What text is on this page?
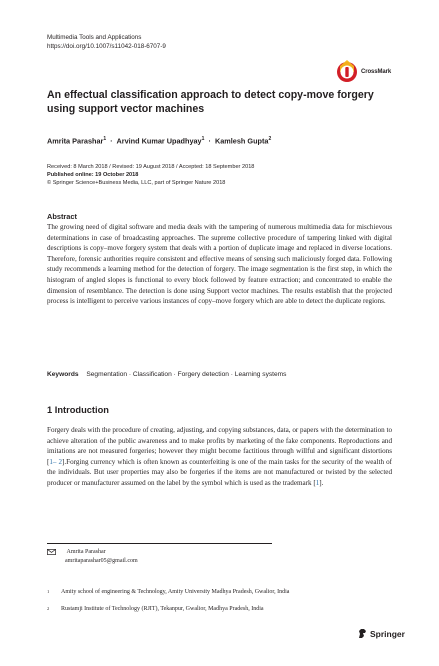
Multimedia Tools and Applications
https://doi.org/10.1007/s11042-018-6707-9
CrossMark
An effectual classification approach to detect copy-move forgery using support vector machines
Amrita Parashar$^1$  ·  Arvind Kumar Upadhyay$^1$  ·  Kamlesh Gupta$^2$
Received: 8 March 2018 / Revised: 19 August 2018 / Accepted: 18 September 2018
Published online: 19 October 2018
© Springer Science+Business Media, LLC, part of Springer Nature 2018
Abstract
The growing need of digital software and media deals with the tampering of numerous multimedia data for mischievous determinations in case of broadcasting approaches. The supreme collective procedure of tampering linked with digital descriptions is copy–move forgery system that deals with a portion of duplicate image and replaced in diverse locations. Therefore, forensic authorities require consistent and effective means of sensing such maliciously forged data. Following study recommends a learning method for the detection of forgery. The image segmentation is the first step, in which the histogram of angled slopes is functional to every block followed by feature extraction; and concentrated to enable the dimension of resemblance. The detection is done using Support vector machines. The results establish that the projected process is intelligent to perceive various instances of copy–move forgery which are able to detect the duplicate regions.
Keywords Segmentation · Classification · Forgery detection · Learning systems
1 Introduction
Forgery deals with the procedure of creating, adjusting, and copying substances, data, or papers with the determination to achieve alteration of the public awareness and to make profits by marketing of the fake components. Reproductions and imitations are not measured forgeries; however they might become factitious through willful and significant distortions [1– 2].Forging currency which is often known as counterfeiting is one of the main tasks for the security of the wealth of the individuals. But user properties may also be forgeries if the items are not manufactured or twisted by the selected producer or manufacturer assumed on the label by the symbol which is used as the trademark [1].
Amrita Parashar
amritaparashar05@gmail.com
$^1$ Amity school of engineering & Technology, Amity University Madhya Pradesh, Gwalior, India
$^2$ Rustamji Institute of Technology (RJIT), Tekanpur, Gwalior, Madhya Pradesh, India
Springer
